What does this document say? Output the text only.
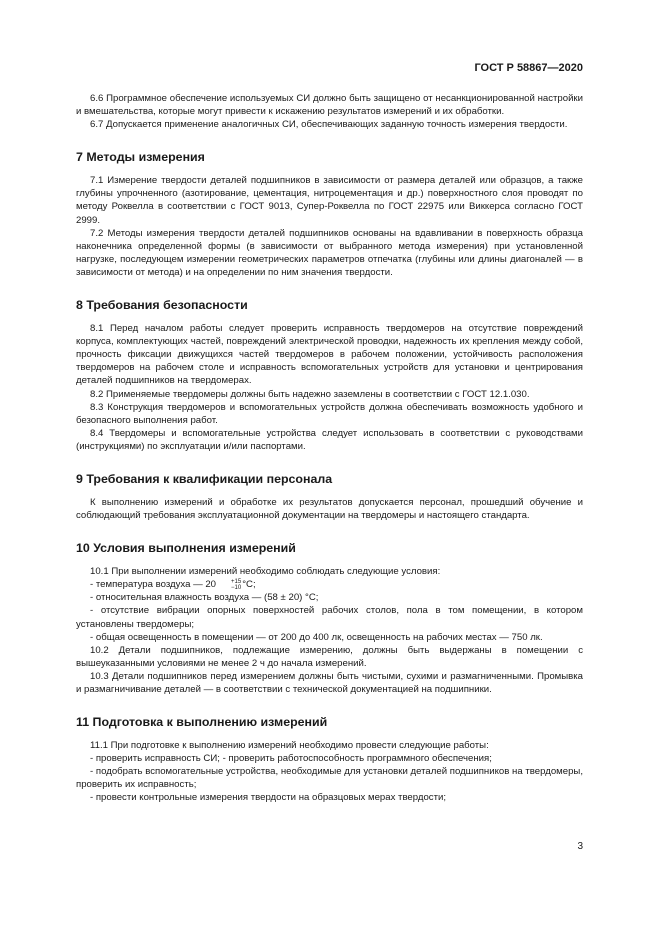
ГОСТ Р 58867—2020

6.6 Программное обеспечение используемых СИ должно быть защищено от несанкционированной настройки и вмешательства, которые могут привести к искажению результатов измерений и их обработки.

6.7 Допускается применение аналогичных СИ, обеспечивающих заданную точность измерения твердости.

7 Методы измерения

7.1 Измерение твердости деталей подшипников в зависимости от размера деталей или образцов, а также глубины упрочненного (азотирование, цементация, нитроцементация и др.) поверхностного слоя проводят по методу Роквелла в соответствии с ГОСТ 9013, Супер-Роквелла по ГОСТ 22975 или Виккерса согласно ГОСТ 2999.

7.2 Методы измерения твердости деталей подшипников основаны на вдавливании в поверхность образца наконечника определенной формы (в зависимости от выбранного метода измерения) при установленной нагрузке, последующем измерении геометрических параметров отпечатка (глубины или длины диагоналей — в зависимости от метода) и на определении по ним значения твердости.

8 Требования безопасности

8.1 Перед началом работы следует проверить исправность твердомеров на отсутствие повреждений корпуса, комплектующих частей, повреждений электрической проводки, надежность их крепления между собой, прочность фиксации движущихся частей твердомеров в рабочем положении, устойчивость расположения твердомеров на рабочем столе и исправность вспомогательных устройств для установки и центрирования деталей подшипников на твердомерах.

8.2 Применяемые твердомеры должны быть надежно заземлены в соответствии с ГОСТ 12.1.030.

8.3 Конструкция твердомеров и вспомогательных устройств должна обеспечивать возможность удобного и безопасного выполнения работ.

8.4 Твердомеры и вспомогательные устройства следует использовать в соответствии с руководствами (инструкциями) по эксплуатации и/или паспортами.

9 Требования к квалификации персонала

К выполнению измерений и обработке их результатов допускается персонал, прошедший обучение и соблюдающий требования эксплуатационной документации на твердомеры и настоящего стандарта.

10 Условия выполнения измерений

10.1 При выполнении измерений необходимо соблюдать следующие условия:

- температура воздуха — 20	+15
−10 °C;

- относительная влажность воздуха — (58 ± 20) °C;

- отсутствие вибрации опорных поверхностей рабочих столов, пола в том помещении, в котором установлены твердомеры;

- общая освещенность в помещении — от 200 до 400 лк, освещенность на рабочих местах — 750 лк.

10.2 Детали подшипников, подлежащие измерению, должны быть выдержаны в помещении с вышеуказанными условиями не менее 2 ч до начала измерений.

10.3 Детали подшипников перед измерением должны быть чистыми, сухими и размагниченными. Промывка и размагничивание деталей — в соответствии с технической документацией на подшипники.

11 Подготовка к выполнению измерений

11.1 При подготовке к выполнению измерений необходимо провести следующие работы:

- проверить исправность СИ; - проверить работоспособность программного обеспечения;

- подобрать вспомогательные устройства, необходимые для установки деталей подшипников на твердомеры, проверить их исправность;

- провести контрольные измерения твердости на образцовых мерах твердости;

3
